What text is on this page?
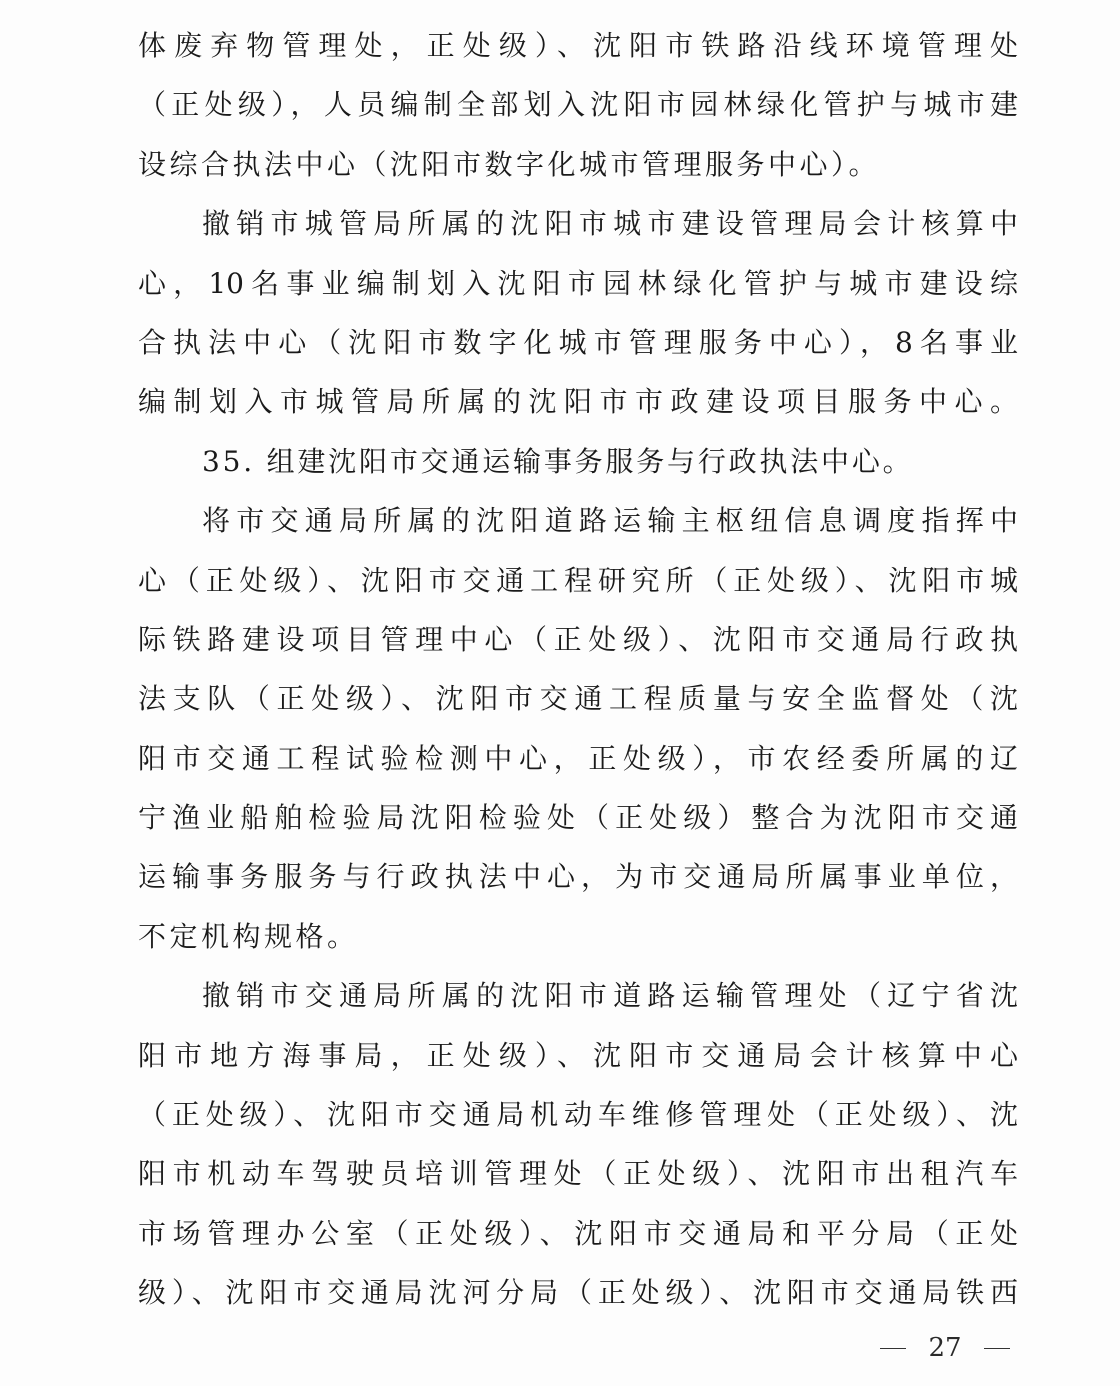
体废弃物管理处，正处级）、沈阳市铁路沿线环境管理处
（正处级），人员编制全部划入沈阳市园林绿化管护与城市建
设综合执法中心（沈阳市数字化城市管理服务中心）。
撤销市城管局所属的沈阳市城市建设管理局会计核算中
心，10名事业编制划入沈阳市园林绿化管护与城市建设综
合执法中心（沈阳市数字化城市管理服务中心），8名事业
编制划入市城管局所属的沈阳市市政建设项目服务中心。
35. 组建沈阳市交通运输事务服务与行政执法中心。
将市交通局所属的沈阳道路运输主枢纽信息调度指挥中
心（正处级）、沈阳市交通工程研究所（正处级）、沈阳市城
际铁路建设项目管理中心（正处级）、沈阳市交通局行政执
法支队（正处级）、沈阳市交通工程质量与安全监督处（沈
阳市交通工程试验检测中心，正处级），市农经委所属的辽
宁渔业船舶检验局沈阳检验处（正处级）整合为沈阳市交通
运输事务服务与行政执法中心，为市交通局所属事业单位，
不定机构规格。
撤销市交通局所属的沈阳市道路运输管理处（辽宁省沈
阳市地方海事局，正处级）、沈阳市交通局会计核算中心
（正处级）、沈阳市交通局机动车维修管理处（正处级）、沈
阳市机动车驾驶员培训管理处（正处级）、沈阳市出租汽车
市场管理办公室（正处级）、沈阳市交通局和平分局（正处
级）、沈阳市交通局沈河分局（正处级）、沈阳市交通局铁西
27
